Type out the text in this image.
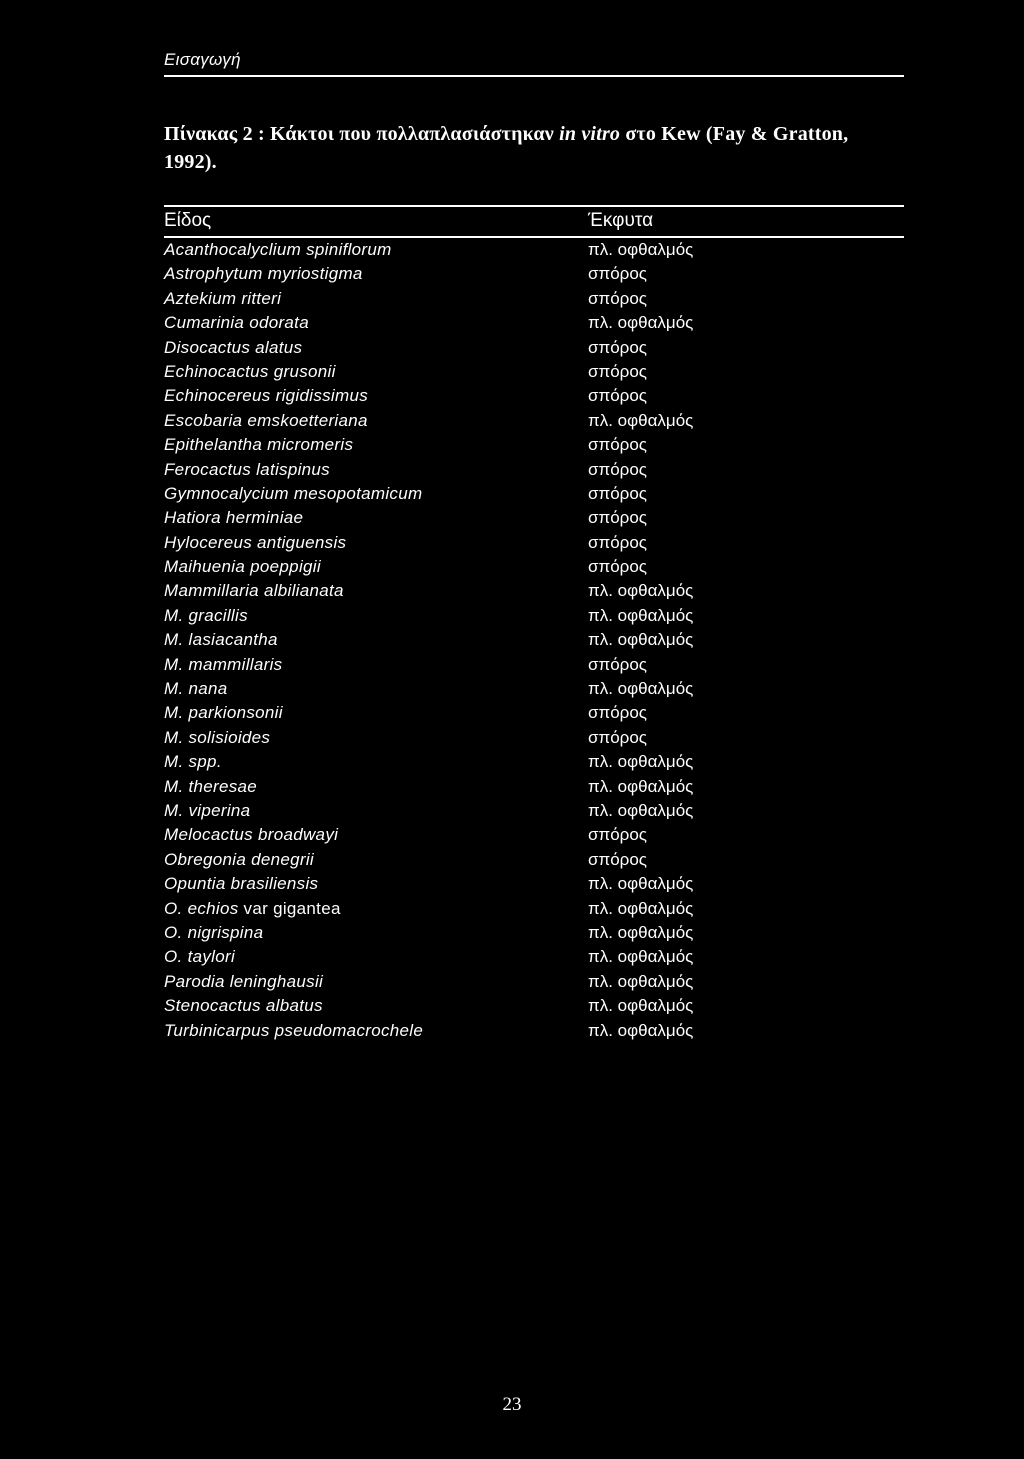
Εισαγωγή
Πίνακας 2 : Κάκτοι που πολλαπλασιάστηκαν in vitro στο Kew (Fay & Gratton, 1992).
Είδος	Έκφυτα
Acanthocalyclium spiniflorum	πλ. οφθαλμός
Astrophytum myriostigma	σπόρος
Aztekium ritteri	σπόρος
Cumarinia odorata	πλ. οφθαλμός
Disocactus alatus	σπόρος
Echinocactus grusonii	σπόρος
Echinocereus rigidissimus	σπόρος
Escobaria emskoetteriana	πλ. οφθαλμός
Epithelantha micromeris	σπόρος
Ferocactus latispinus	σπόρος
Gymnocalycium mesopotamicum	σπόρος
Hatiora herminiae	σπόρος
Hylocereus antiguensis	σπόρος
Maihuenia poeppigii	σπόρος
Mammillaria albilianata	πλ. οφθαλμός
M. gracillis	πλ. οφθαλμός
M. lasiacantha	πλ. οφθαλμός
M. mammillaris	σπόρος
M. nana	πλ. οφθαλμός
M. parkionsonii	σπόρος
M. solisioides	σπόρος
M. spp.	πλ. οφθαλμός
M. theresae	πλ. οφθαλμός
M. viperina	πλ. οφθαλμός
Melocactus broadwayi	σπόρος
Obregonia denegrii	σπόρος
Opuntia brasiliensis	πλ. οφθαλμός
O. echios var gigantea	πλ. οφθαλμός
O. nigrispina	πλ. οφθαλμός
O. taylori	πλ. οφθαλμός
Parodia leninghausii	πλ. οφθαλμός
Stenocactus albatus	πλ. οφθαλμός
Turbinicarpus pseudomacrochele	πλ. οφθαλμός
23
